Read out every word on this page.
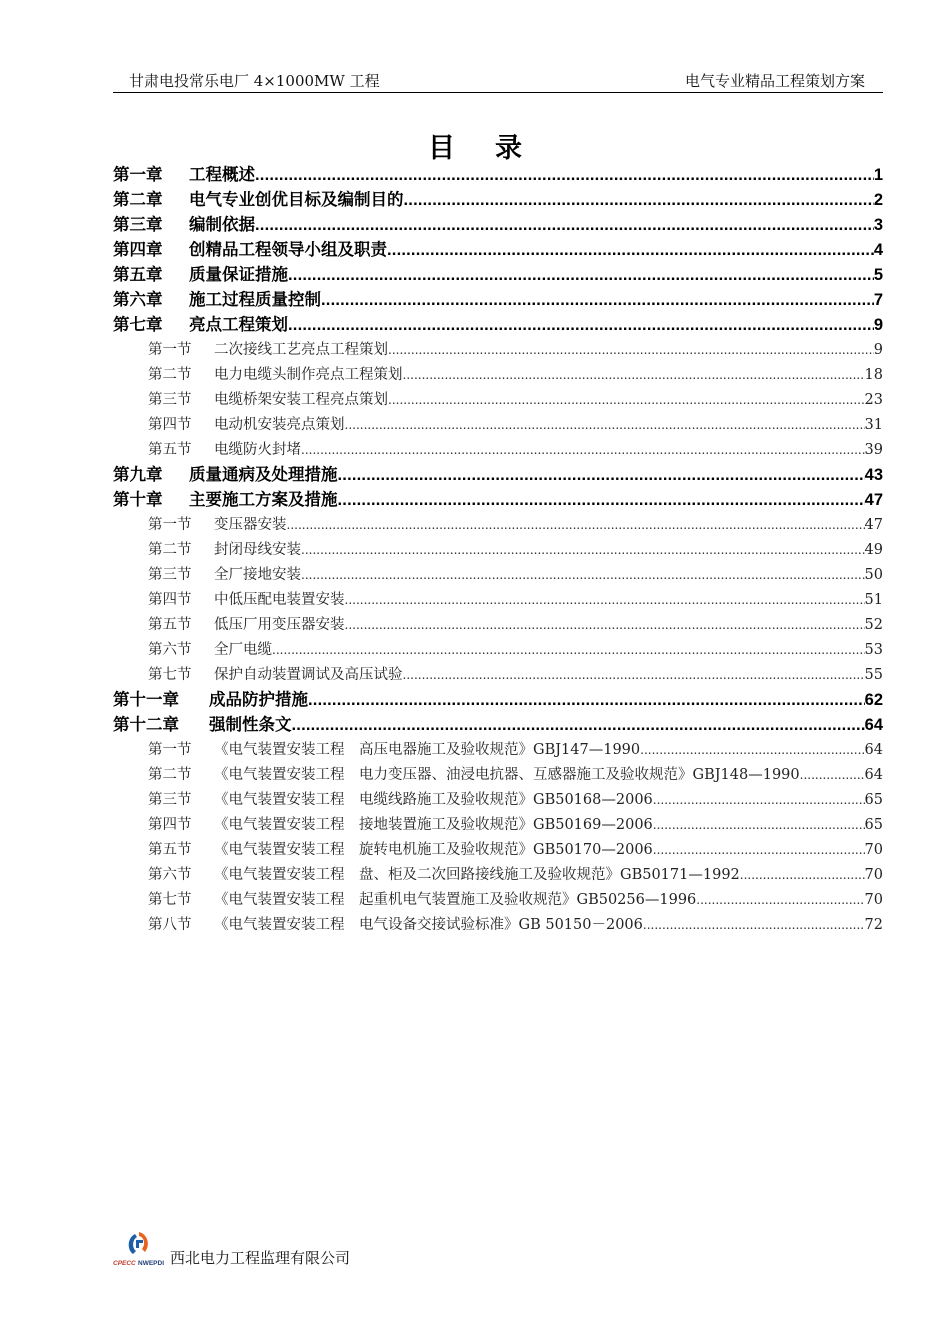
甘肃电投常乐电厂 4×1000MW 工程	电气专业精品工程策划方案
目录
第一章 工程概述 .....	1
第二章 电气专业创优目标及编制目的 .....	2
第三章 编制依据 .....	3
第四章 创精品工程领导小组及职责 .....	4
第五章 质量保证措施 .....	5
第六章 施工过程质量控制 .....	7
第七章 亮点工程策划 .....	9
第一节 二次接线工艺亮点工程策划 .....	9
第二节 电力电缆头制作亮点工程策划 .....	18
第三节 电缆桥架安装工程亮点策划 .....	23
第四节 电动机安装亮点策划 .....	31
第五节 电缆防火封堵 .....	39
第九章 质量通病及处理措施 .....	43
第十章 主要施工方案及措施 .....	47
第一节 变压器安装 .....	47
第二节 封闭母线安装 .....	49
第三节 全厂接地安装 .....	50
第四节 中低压配电装置安装 .....	51
第五节 低压厂用变压器安装 .....	52
第六节 全厂电缆 .....	53
第七节 保护自动装置调试及高压试验 .....	55
第十一章 成品防护措施 .....	62
第十二章 强制性条文 .....	64
第一节 《电气装置安装工程　高压电器施工及验收规范》GBJ147—1990 .....	64
第二节 《电气装置安装工程　电力变压器、油浸电抗器、互感器施工及验收规范》GBJ148—1990 .....	64
第三节 《电气装置安装工程　电缆线路施工及验收规范》GB50168—2006 .....	65
第四节 《电气装置安装工程　接地装置施工及验收规范》GB50169—2006 .....	65
第五节 《电气装置安装工程　旋转电机施工及验收规范》GB50170—2006 .....	70
第六节 《电气装置安装工程　盘、柜及二次回路接线施工及验收规范》GB50171—1992 .....	70
第七节 《电气装置安装工程　起重机电气装置施工及验收规范》GB50256—1996 .....	70
第八节 《电气装置安装工程　电气设备交接试验标准》GB 50150－2006 .....	72
CPECC NWEPDI 西北电力工程监理有限公司
